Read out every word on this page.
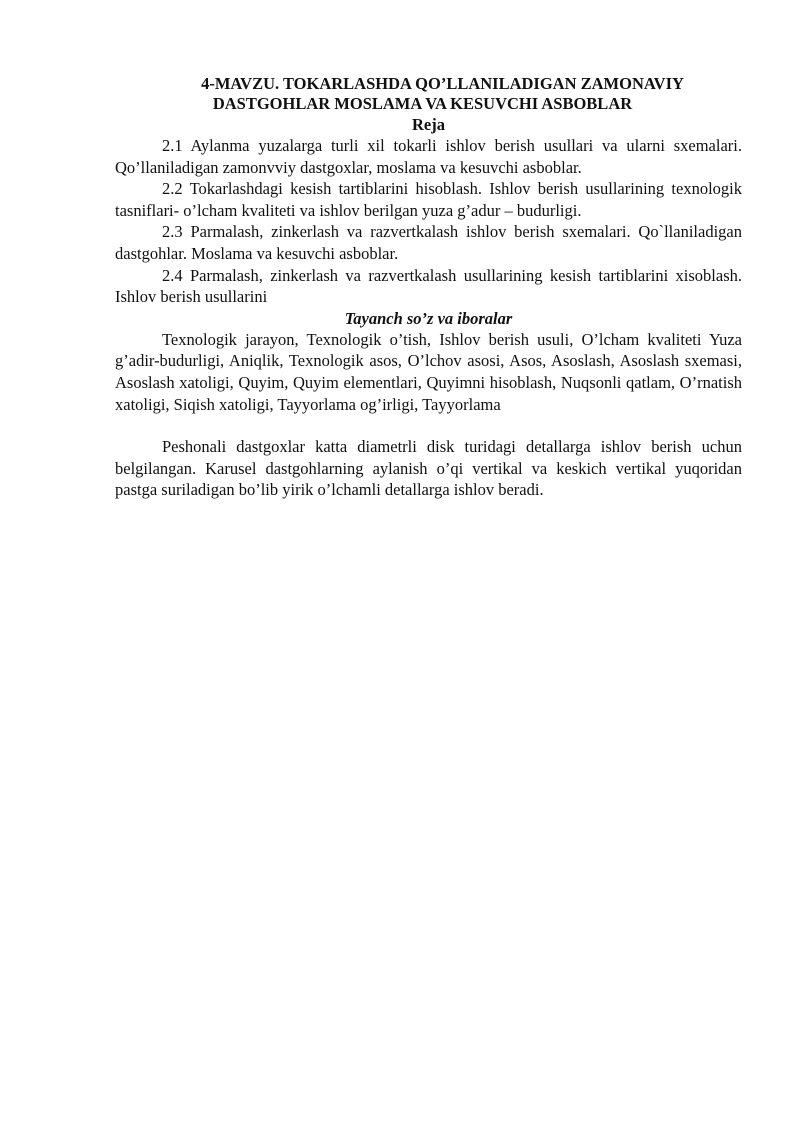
4-MAVZU. TOKARLASHDA QO’LLANILADIGAN ZAMONAVIY
DASTGOHLAR MOSLAMA VA KESUVCHI ASBOBLAR

Reja

2.1 Aylanma yuzalarga turli xil tokarli ishlov berish usullari va ularni sxemalari. Qo’llaniladigan zamonvviy dastgoxlar, moslama va kesuvchi asboblar.

2.2 Tokarlashdagi kesish tartiblarini hisoblash. Ishlov berish usullarining texnologik tasniflari- o’lcham kvaliteti va ishlov berilgan yuza g’adur – budurligi.

2.3 Parmalash, zinkerlash va razvertkalash ishlov berish sxemalari. Qo`llaniladigan dastgohlar. Moslama va kesuvchi asboblar.

2.4 Parmalash, zinkerlash va razvertkalash usullarining kesish tartiblarini xisoblash. Ishlov berish usullarini

Tayanch so’z va iboralar

Texnologik jarayon, Texnologik o’tish, Ishlov berish usuli, O’lcham kvaliteti Yuza g’adir-budurligi, Aniqlik, Texnologik asos, O’lchov asosi, Asos, Asoslash, Asoslash sxemasi, Asoslash xatoligi, Quyim, Quyim elementlari, Quyimni hisoblash, Nuqsonli qatlam, O’rnatish xatoligi, Siqish xatoligi, Tayyorlama og’irligi, Tayyorlama

Peshonali dastgoxlar katta diametrli disk turidagi detallarga ishlov berish uchun belgilangan. Karusel dastgohlarning aylanish o’qi vertikal va keskich vertikal yuqoridan pastga suriladigan bo’lib yirik o’lchamli detallarga ishlov beradi.
